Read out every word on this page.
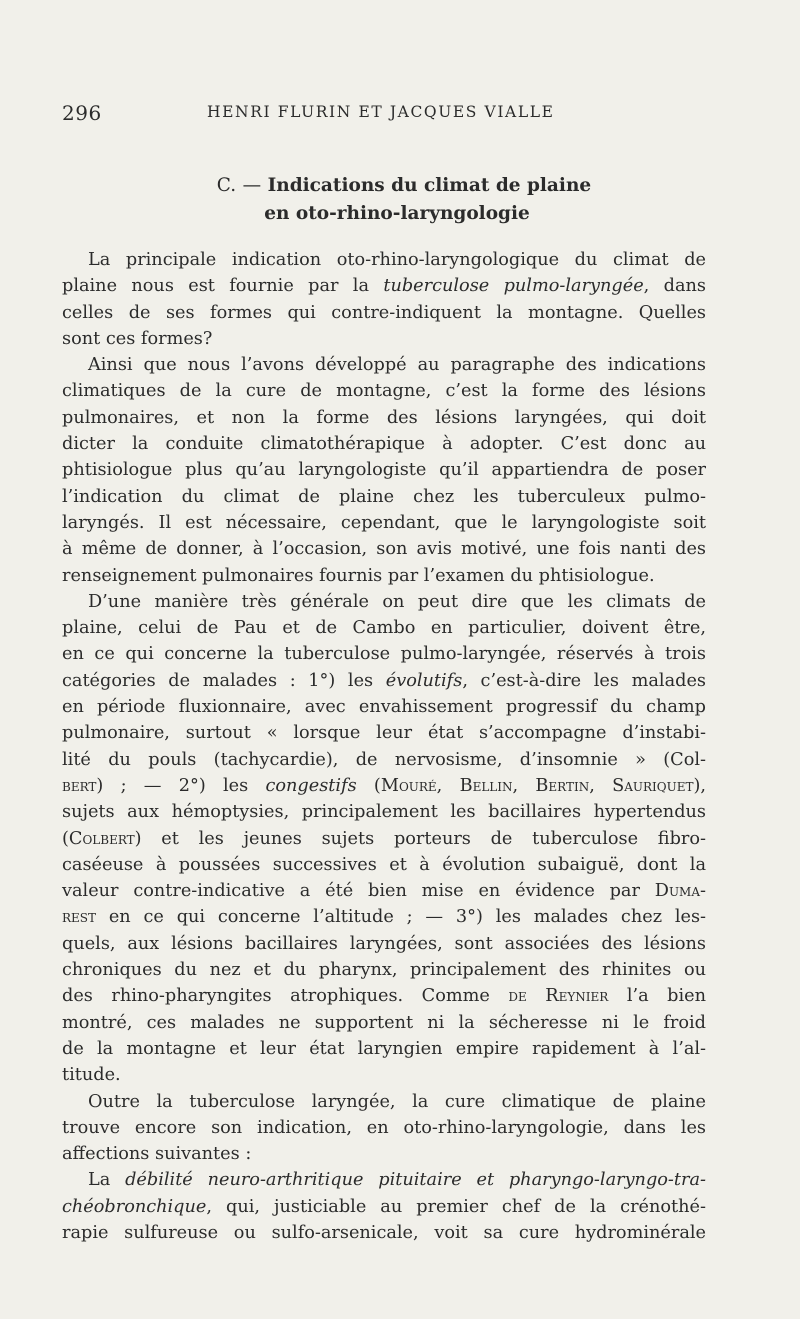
296	HENRI FLURIN ET JACQUES VIALLE
C. — Indications du climat de plaine
en oto-rhino-laryngologie
La principale indication oto-rhino-laryngologique du climat de
plaine nous est fournie par la tuberculose pulmo-laryngée, dans
celles de ses formes qui contre-indiquent la montagne. Quelles
sont ces formes?
Ainsi que nous l’avons développé au paragraphe des indications
climatiques de la cure de montagne, c’est la forme des lésions
pulmonaires, et non la forme des lésions laryngées, qui doit
dicter la conduite climatothérapique à adopter. C’est donc au
phtisiologue plus qu’au laryngologiste qu’il appartiendra de poser
l’indication du climat de plaine chez les tuberculeux pulmo-
laryngés. Il est nécessaire, cependant, que le laryngologiste soit
à même de donner, à l’occasion, son avis motivé, une fois nanti des
renseignement pulmonaires fournis par l’examen du phtisiologue.
D’une manière très générale on peut dire que les climats de
plaine, celui de Pau et de Cambo en particulier, doivent être,
en ce qui concerne la tuberculose pulmo-laryngée, réservés à trois
catégories de malades : 1°) les évolutifs, c’est-à-dire les malades
en période fluxionnaire, avec envahissement progressif du champ
pulmonaire, surtout « lorsque leur état s’accompagne d’instabi-
lité du pouls (tachycardie), de nervosisme, d’insomnie » (Col-
bert) ; — 2°) les congestifs (Mouré, Bellin, Bertin, Sauriquet),
sujets aux hémoptysies, principalement les bacillaires hypertendus
(Colbert) et les jeunes sujets porteurs de tuberculose fibro-
caséeuse à poussées successives et à évolution subaiguë, dont la
valeur contre-indicative a été bien mise en évidence par Duma-
rest en ce qui concerne l’altitude ; — 3°) les malades chez les-
quels, aux lésions bacillaires laryngées, sont associées des lésions
chroniques du nez et du pharynx, principalement des rhinites ou
des rhino-pharyngites atrophiques. Comme de Reynier l’a bien
montré, ces malades ne supportent ni la sécheresse ni le froid
de la montagne et leur état laryngien empire rapidement à l’al-
titude.
Outre la tuberculose laryngée, la cure climatique de plaine
trouve encore son indication, en oto-rhino-laryngologie, dans les
affections suivantes :
La débilité neuro-arthritique pituitaire et pharyngo-laryngo-tra-
chéobronchique, qui, justiciable au premier chef de la crénothé-
rapie sulfureuse ou sulfo-arsenicale, voit sa cure hydrominérale
